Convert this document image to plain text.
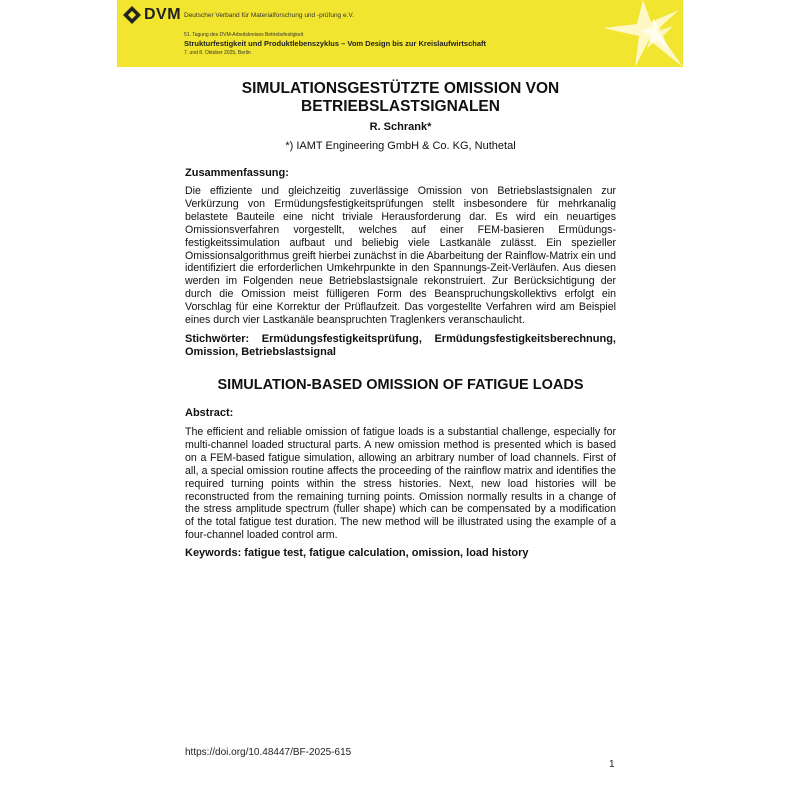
DVM Deutscher Verband für Materialforschung und -prüfung e.V.
51. Tagung des DVM-Arbeitskreises Betriebsfestigkeit
Strukturfestigkeit und Produktlebenszyklus – Vom Design bis zur Kreislaufwirtschaft
7. und 8. Oktober 2025, Berlin
SIMULATIONSGESTÜTZTE OMISSION VON BETRIEBSLASTSIGNALEN
R. Schrank*
*) IAMT Engineering GmbH & Co. KG, Nuthetal
Zusammenfassung:

Die effiziente und gleichzeitig zuverlässige Omission von Betriebslastsignalen zur Verkürzung von Ermüdungsfestigkeitsprüfungen stellt insbesondere für mehrkanalig belastete Bauteile eine nicht triviale Herausforderung dar. Es wird ein neuartiges Omissionsverfahren vorgestellt, welches auf einer FEM-basieren Ermüdungs-festigkeitssimulation aufbaut und beliebig viele Lastkanäle zulässt. Ein spezieller Omissionsalgorithmus greift hierbei zunächst in die Abarbeitung der Rainflow-Matrix ein und identifiziert die erforderlichen Umkehrpunkte in den Spannungs-Zeit-Verläufen. Aus diesen werden im Folgenden neue Betriebslastsignale rekonstruiert. Zur Berücksichtigung der durch die Omission meist fülligeren Form des Beanspruchungskollektivs erfolgt ein Vorschlag für eine Korrektur der Prüflaufzeit. Das vorgestellte Verfahren wird am Beispiel eines durch vier Lastkanäle beanspruchten Traglenkers veranschaulicht.

Stichwörter: Ermüdungsfestigkeitsprüfung, Ermüdungsfestigkeitsberechnung, Omission, Betriebslastsignal
SIMULATION-BASED OMISSION OF FATIGUE LOADS
Abstract:

The efficient and reliable omission of fatigue loads is a substantial challenge, especially for multi-channel loaded structural parts. A new omission method is presented which is based on a FEM-based fatigue simulation, allowing an arbitrary number of load channels. First of all, a special omission routine affects the proceeding of the rainflow matrix and identifies the required turning points within the stress histories. Next, new load histories will be reconstructed from the remaining turning points. Omission normally results in a change of the stress amplitude spectrum (fuller shape) which can be compensated by a modification of the total fatigue test duration. The new method will be illustrated using the example of a four-channel loaded control arm.

Keywords: fatigue test, fatigue calculation, omission, load history
https://doi.org/10.48447/BF-2025-615
1
